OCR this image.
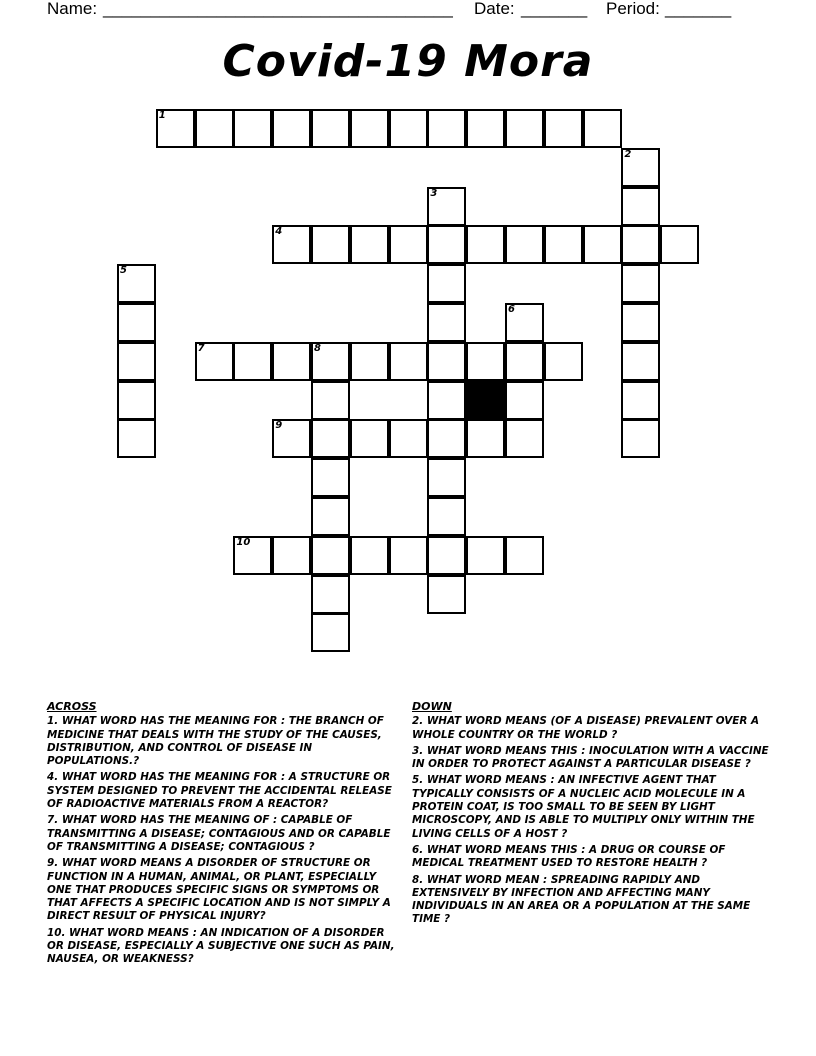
Name: _____________________________________ Date: _______ Period: _______
Covid-19 Mora
1
2
3
4
5
6
7	8
9
10
ACROSS
1. WHAT WORD HAS THE MEANING FOR : THE BRANCH OF MEDICINE THAT DEALS WITH THE STUDY OF THE CAUSES, DISTRIBUTION, AND CONTROL OF DISEASE IN POPULATIONS.?
4. WHAT WORD HAS THE MEANING FOR : A STRUCTURE OR SYSTEM DESIGNED TO PREVENT THE ACCIDENTAL RELEASE OF RADIOACTIVE MATERIALS FROM A REACTOR?
7. WHAT WORD HAS THE MEANING OF : CAPABLE OF TRANSMITTING A DISEASE; CONTAGIOUS AND OR CAPABLE OF TRANSMITTING A DISEASE; CONTAGIOUS ?
9. WHAT WORD MEANS A DISORDER OF STRUCTURE OR FUNCTION IN A HUMAN, ANIMAL, OR PLANT, ESPECIALLY ONE THAT PRODUCES SPECIFIC SIGNS OR SYMPTOMS OR THAT AFFECTS A SPECIFIC LOCATION AND IS NOT SIMPLY A DIRECT RESULT OF PHYSICAL INJURY?
10. WHAT WORD MEANS : AN INDICATION OF A DISORDER OR DISEASE, ESPECIALLY A SUBJECTIVE ONE SUCH AS PAIN, NAUSEA, OR WEAKNESS?
DOWN
2. WHAT WORD MEANS (OF A DISEASE) PREVALENT OVER A WHOLE COUNTRY OR THE WORLD ?
3. WHAT WORD MEANS THIS : INOCULATION WITH A VACCINE IN ORDER TO PROTECT AGAINST A PARTICULAR DISEASE ?
5. WHAT WORD MEANS : AN INFECTIVE AGENT THAT TYPICALLY CONSISTS OF A NUCLEIC ACID MOLECULE IN A PROTEIN COAT, IS TOO SMALL TO BE SEEN BY LIGHT MICROSCOPY, AND IS ABLE TO MULTIPLY ONLY WITHIN THE LIVING CELLS OF A HOST ?
6. WHAT WORD MEANS THIS : A DRUG OR COURSE OF MEDICAL TREATMENT USED TO RESTORE HEALTH ?
8. WHAT WORD MEAN : SPREADING RAPIDLY AND EXTENSIVELY BY INFECTION AND AFFECTING MANY INDIVIDUALS IN AN AREA OR A POPULATION AT THE SAME TIME ?
